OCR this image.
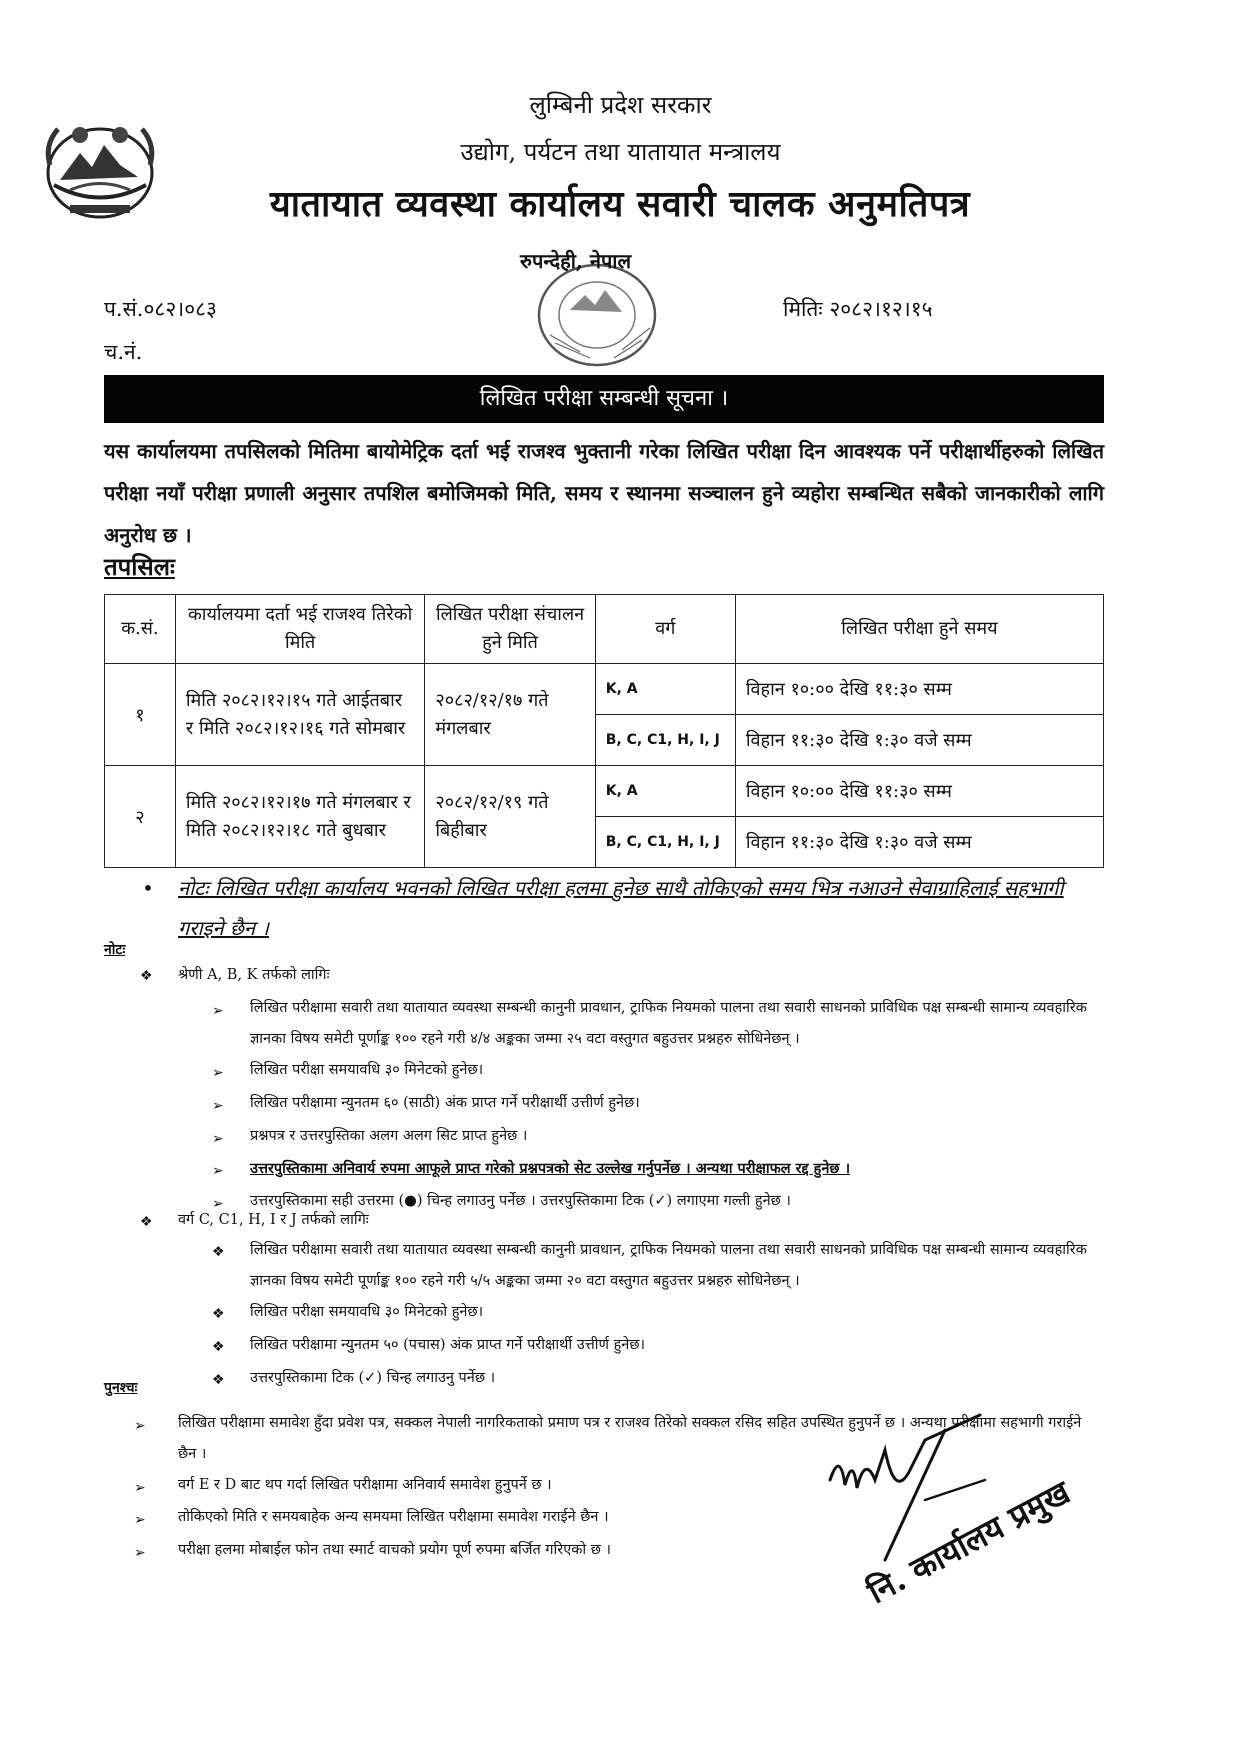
लुम्बिनी प्रदेश सरकार
उद्योग, पर्यटन तथा यातायात मन्त्रालय
यातायात व्यवस्था कार्यालय सवारी चालक अनुमतिपत्र
रुपन्देही, नेपाल
प.सं.०८२।०८३	मितिः २०८२।१२।१५
च.नं.
लिखित परीक्षा सम्बन्धी सूचना ।
यस कार्यालयमा तपसिलको मितिमा बायोमेट्रिक दर्ता भई राजश्व भुक्तानी गरेका लिखित परीक्षा दिन आवश्यक पर्ने परीक्षार्थीहरुको लिखित परीक्षा नयाँ परीक्षा प्रणाली अनुसार तपशिल बमोजिमको मिति, समय र स्थानमा सञ्चालन हुने व्यहोरा सम्बन्धित सबैको जानकारीको लागि अनुरोध छ ।
तपसिलः
क.सं.	कार्यालयमा दर्ता भई राजश्व तिरेको मिति	लिखित परीक्षा संचालन हुने मिति	वर्ग	लिखित परीक्षा हुने समय
१	मिति २०८२।१२।१५ गते आईतबार र मिति २०८२।१२।१६ गते सोमबार	२०८२/१२/१७ गते मंगलबार	K, A	विहान १०:०० देखि ११:३० सम्म
			B, C, C1, H, I, J	विहान ११:३० देखि १:३० वजे सम्म
२	मिति २०८२।१२।१७ गते मंगलबार र मिति २०८२।१२।१८ गते बुधबार	२०८२/१२/१९ गते बिहीबार	K, A	विहान १०:०० देखि ११:३० सम्म
			B, C, C1, H, I, J	विहान ११:३० देखि १:३० वजे सम्म
• नोटः लिखित परीक्षा कार्यालय भवनको लिखित परीक्षा हलमा हुनेछ साथै तोकिएको समय भित्र नआउने सेवाग्राहिलाई सहभागी गराइने छैन ।
नोटः
❖ श्रेणी A, B, K तर्फको लागिः
➢ लिखित परीक्षामा सवारी तथा यातायात व्यवस्था सम्बन्धी कानुनी प्रावधान, ट्राफिक नियमको पालना तथा सवारी साधनको प्राविधिक पक्ष सम्बन्धी सामान्य व्यवहारिक ज्ञानका विषय समेटी पूर्णाङ्क १०० रहने गरी ४/४ अङ्कका जम्मा २५ वटा वस्तुगत बहुउत्तर प्रश्नहरु सोधिनेछन् ।
➢ लिखित परीक्षा समयावधि ३० मिनेटको हुनेछ।
➢ लिखित परीक्षामा न्युनतम ६० (साठी) अंक प्राप्त गर्ने परीक्षार्थी उत्तीर्ण हुनेछ।
➢ प्रश्नपत्र र उत्तरपुस्तिका अलग अलग सिट प्राप्त हुनेछ ।
➢ उत्तरपुस्तिकामा अनिवार्य रुपमा आफूले प्राप्त गरेको प्रश्नपत्रको सेट उल्लेख गर्नुपर्नेछ । अन्यथा परीक्षाफल रद्द हुनेछ ।
➢ उत्तरपुस्तिकामा सही उत्तरमा (●) चिन्ह लगाउनु पर्नेछ । उत्तरपुस्तिकामा टिक (✓) लगाएमा गल्ती हुनेछ ।
❖ वर्ग C, C1, H, I र J तर्फको लागिः
❖ लिखित परीक्षामा सवारी तथा यातायात व्यवस्था सम्बन्धी कानुनी प्रावधान, ट्राफिक नियमको पालना तथा सवारी साधनको प्राविधिक पक्ष सम्बन्धी सामान्य व्यवहारिक ज्ञानका विषय समेटी पूर्णाङ्क १०० रहने गरी ५/५ अङ्कका जम्मा २० वटा वस्तुगत बहुउत्तर प्रश्नहरु सोधिनेछन् ।
❖ लिखित परीक्षा समयावधि ३० मिनेटको हुनेछ।
❖ लिखित परीक्षामा न्युनतम ५० (पचास) अंक प्राप्त गर्ने परीक्षार्थी उत्तीर्ण हुनेछ।
❖ उत्तरपुस्तिकामा टिक (✓) चिन्ह लगाउनु पर्नेछ ।
पुनश्चः
➢ लिखित परीक्षामा समावेश हुँदा प्रवेश पत्र, सक्कल नेपाली नागरिकताको प्रमाण पत्र र राजश्व तिरेको सक्कल रसिद सहित उपस्थित हुनुपर्ने छ । अन्यथा परीक्षामा सहभागी गराईने छैन ।
➢ वर्ग E र D बाट थप गर्दा लिखित परीक्षामा अनिवार्य समावेश हुनुपर्ने छ ।
➢ तोकिएको मिति र समयबाहेक अन्य समयमा लिखित परीक्षामा समावेश गराईने छैन ।
➢ परीक्षा हलमा मोबाईल फोन तथा स्मार्ट वाचको प्रयोग पूर्ण रुपमा बर्जित गरिएको छ ।	नि. कार्यालय प्रमुख
